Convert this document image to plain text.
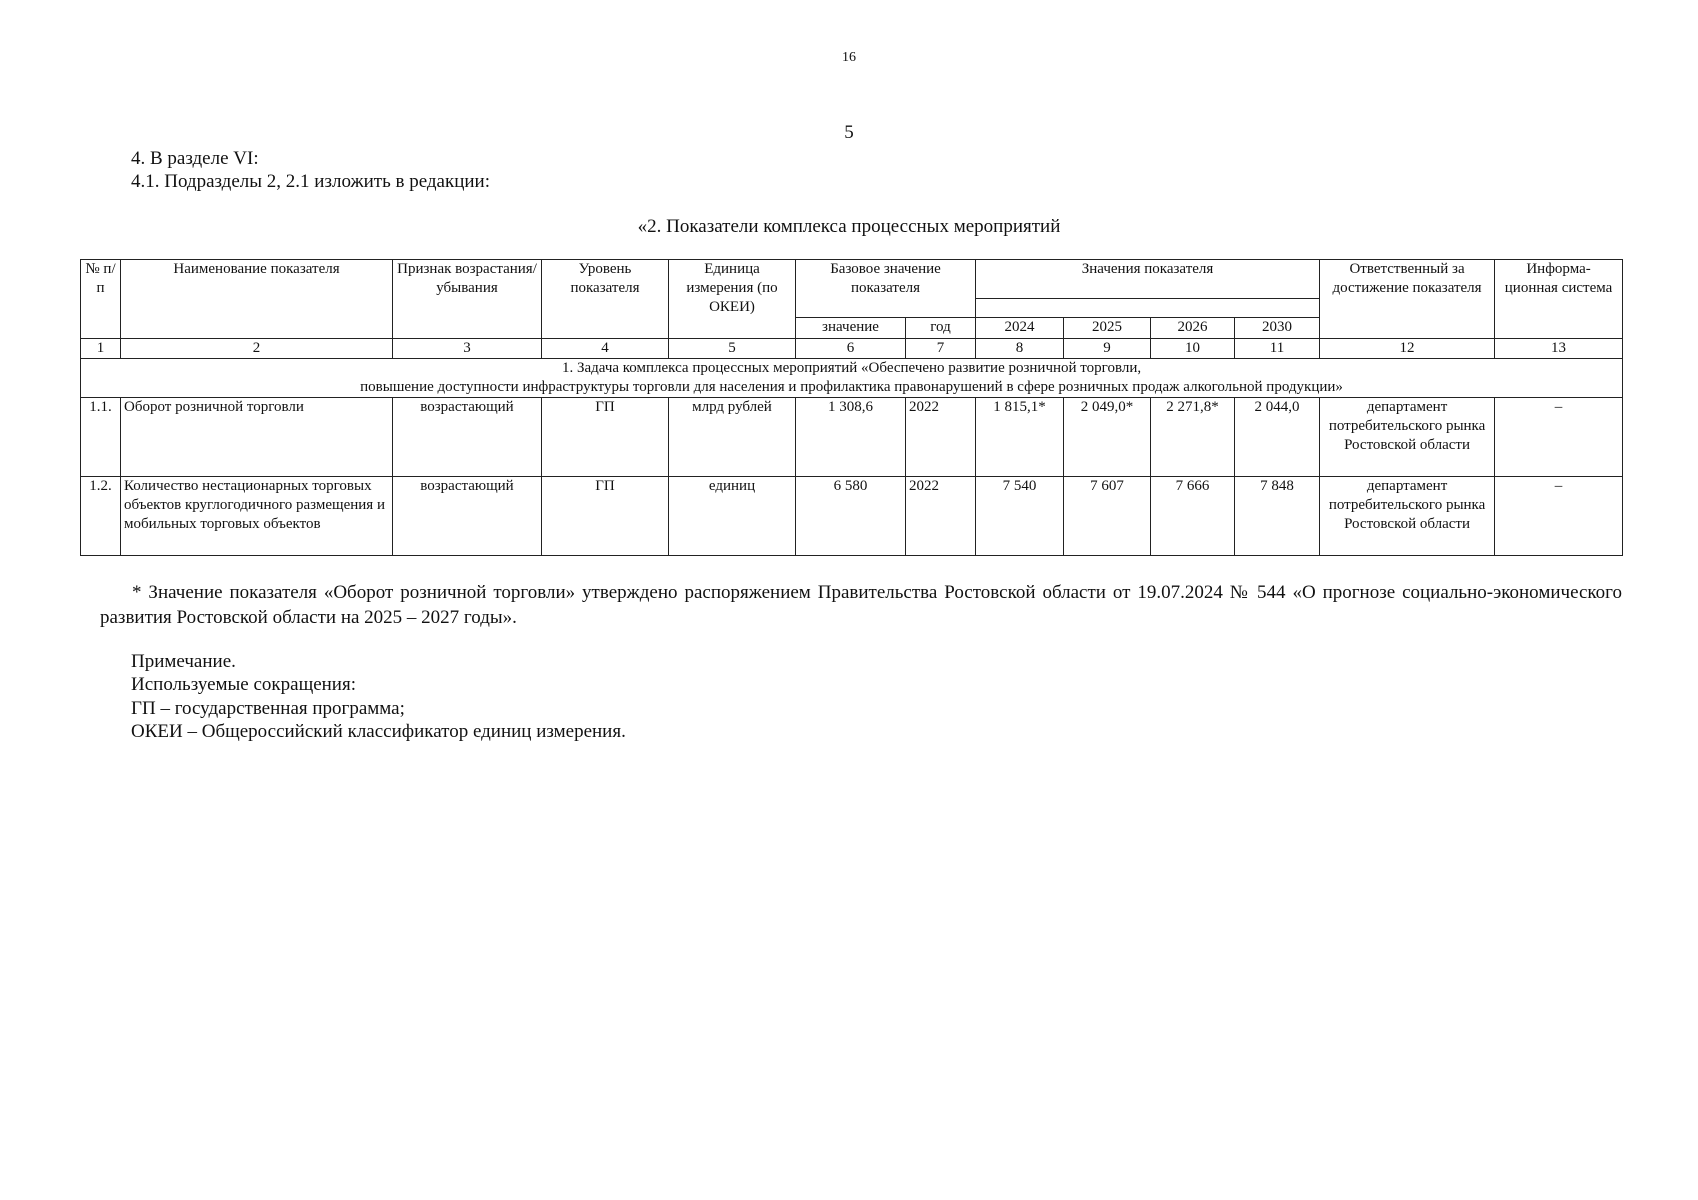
16
5
4. В разделе VI:
4.1. Подразделы 2, 2.1 изложить в редакции:
«2. Показатели комплекса процессных мероприятий
№ п/п	Наименование показателя	Признак возрастания/ убывания	Уровень показателя	Единица измерения (по ОКЕИ)	Базовое значение показателя		Значения показателя				Ответственный за достижение показателя	Информа- ционная система

					значение	год	2024	2025	2026	2030		
1	2	3	4	5	6	7	8	9	10	11	12	13

1. Задача комплекса процессных мероприятий «Обеспечено развитие розничной торговли,
повышение доступности инфраструктуры торговли для населения и профилактика правонарушений в сфере розничных продаж алкогольной продукции»												

1.1.	Оборот розничной торговли	возрастающий	ГП	млрд рублей	1 308,6	2022	1 815,1*	2 049,0*	2 271,8*	2 044,0	департамент потребительского рынка Ростовской области	–
1.2.	Количество нестационарных торговых объектов круглогодичного размещения и мобильных торговых объектов	возрастающий	ГП	единиц	6 580	2022	7 540	7 607	7 666	7 848	департамент потребительского рынка Ростовской области	–
* Значение показателя «Оборот розничной торговли» утверждено распоряжением Правительства Ростовской области от 19.07.2024 № 544 «О прогнозе социально-экономического развития Ростовской области на 2025 – 2027 годы».
Примечание.
Используемые сокращения:
ГП – государственная программа;
ОКЕИ – Общероссийский классификатор единиц измерения.
